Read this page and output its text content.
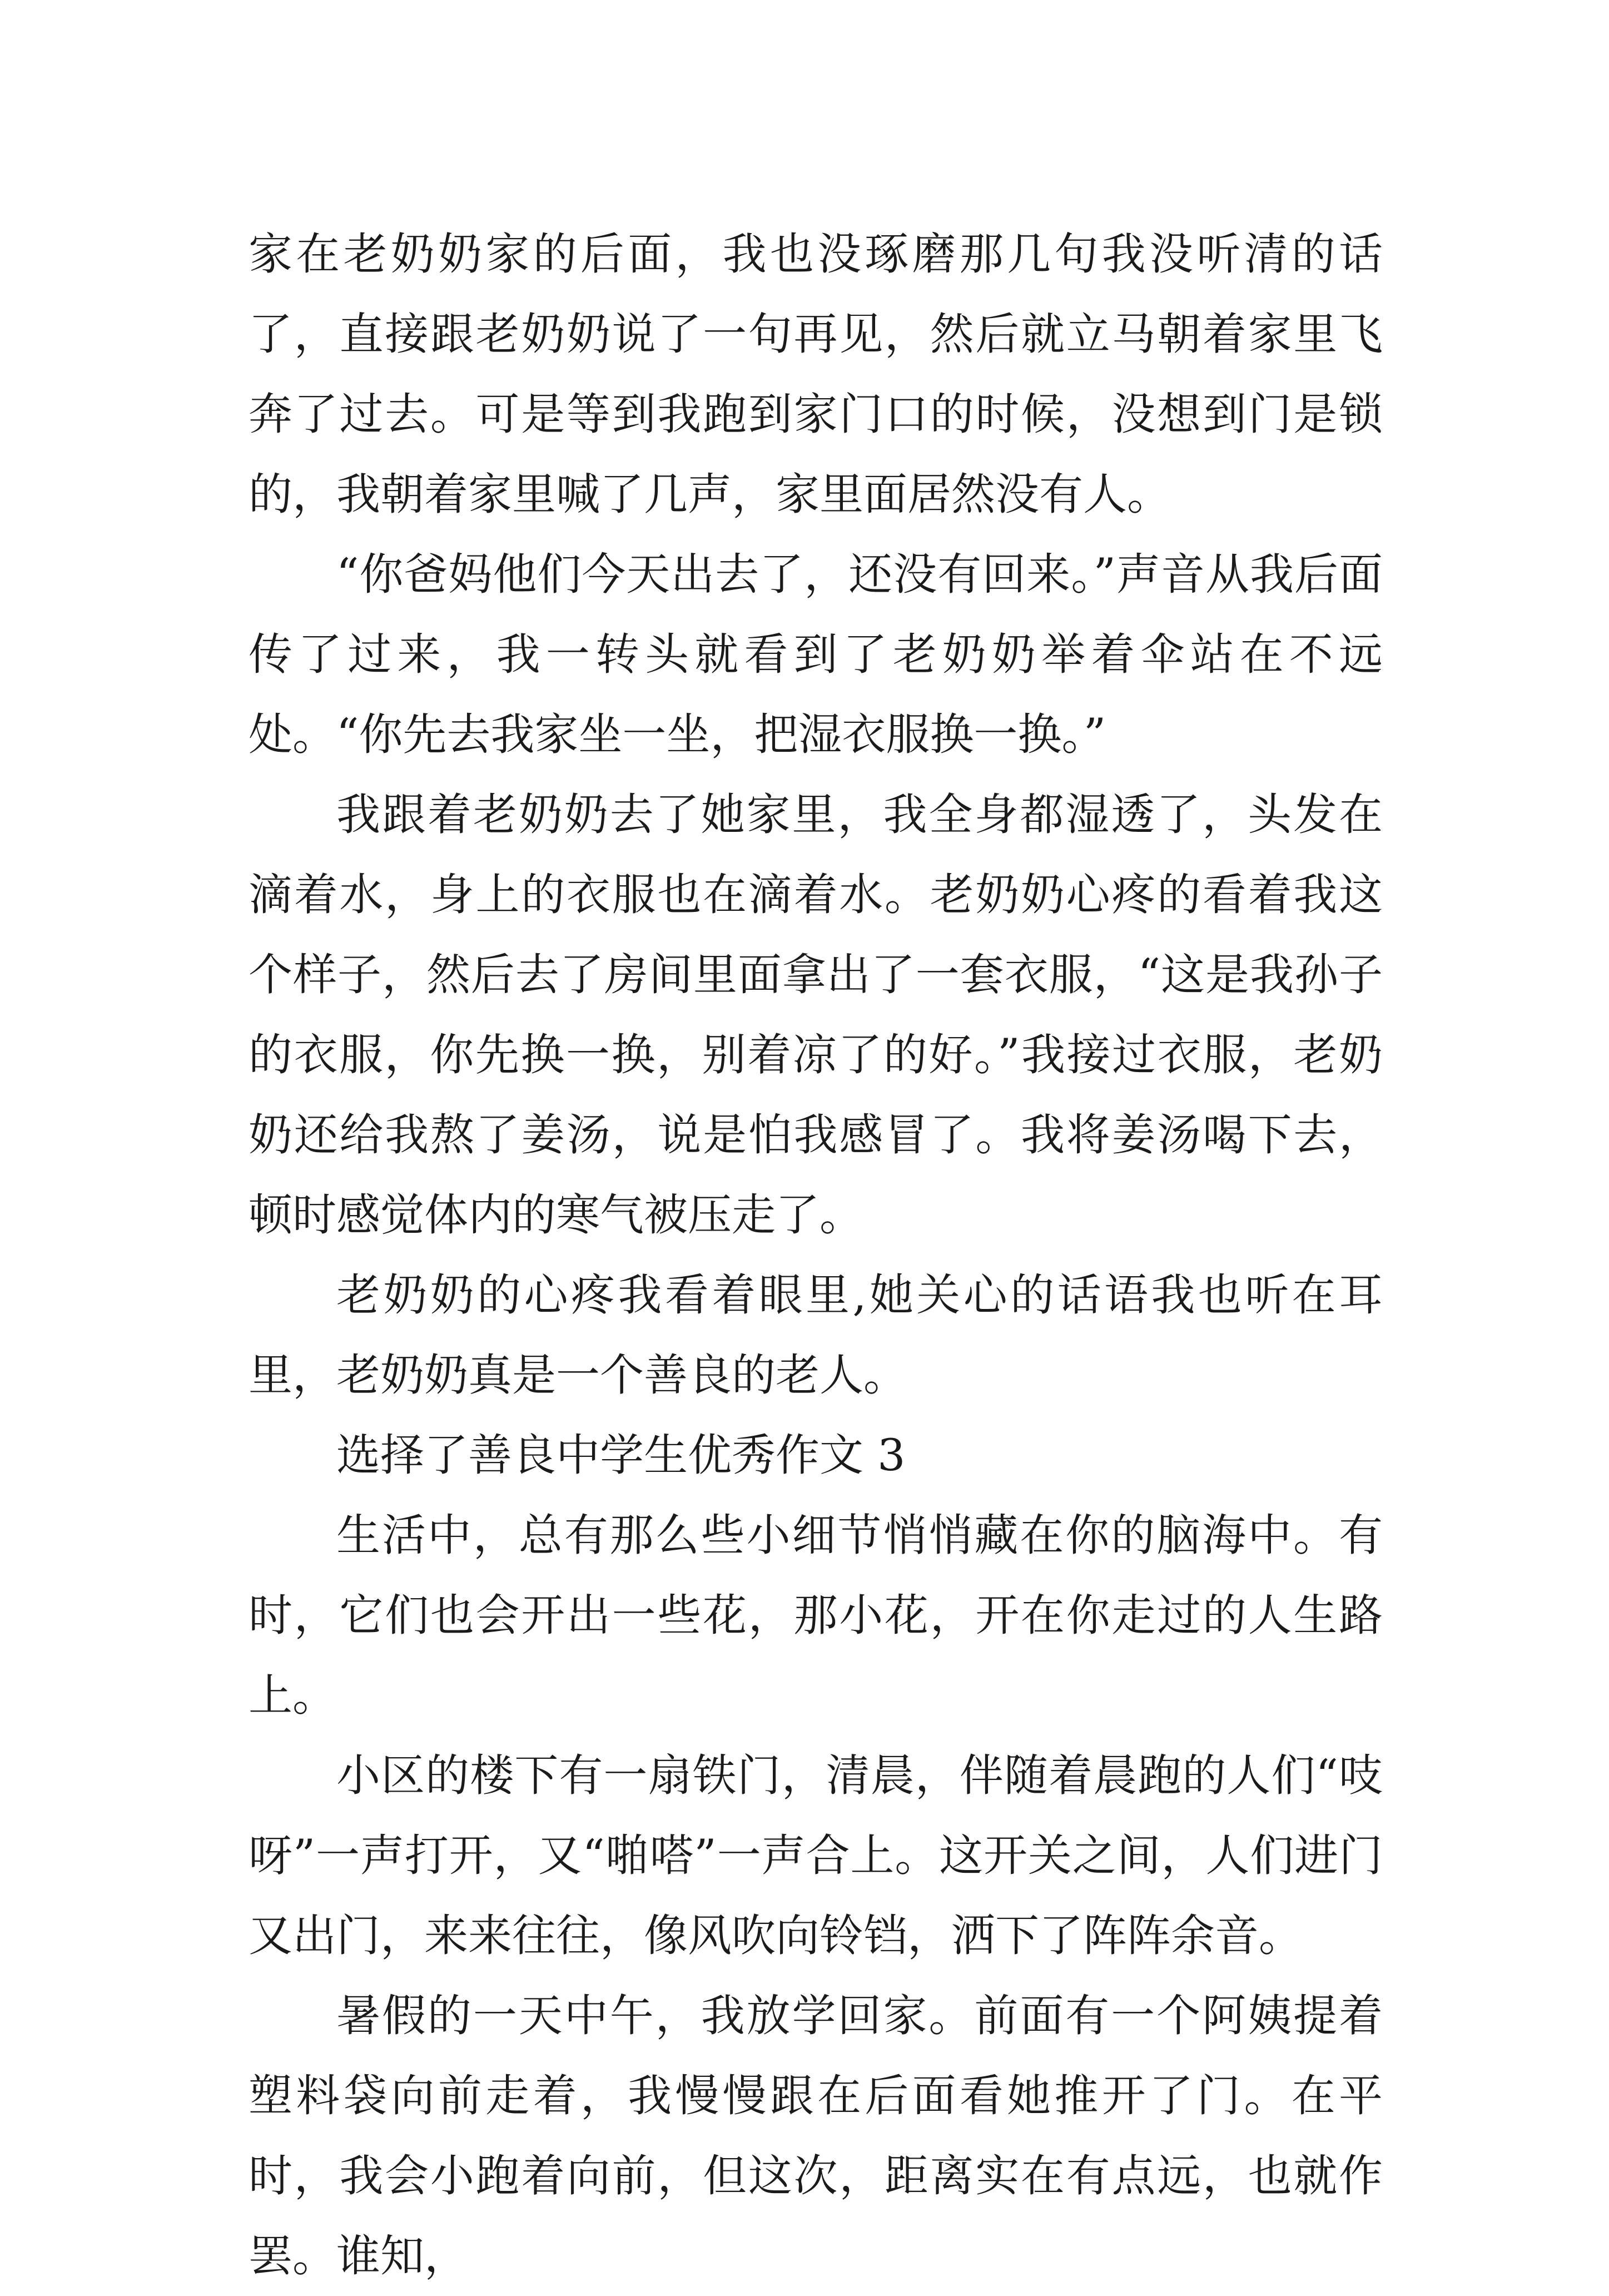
家在老奶奶家的后面，我也没琢磨那几句我没听清的话了，直接跟老奶奶说了一句再见，然后就立马朝着家里飞奔了过去。可是等到我跑到家门口的时候，没想到门是锁的，我朝着家里喊了几声，家里面居然没有人。

“你爸妈他们今天出去了，还没有回来。”声音从我后面传了过来，我一转头就看到了老奶奶举着伞站在不远处。“你先去我家坐一坐，把湿衣服换一换。”

我跟着老奶奶去了她家里，我全身都湿透了，头发在滴着水，身上的衣服也在滴着水。老奶奶心疼的看着我这个样子，然后去了房间里面拿出了一套衣服，“这是我孙子的衣服，你先换一换，别着凉了的好。”我接过衣服，老奶奶还给我熬了姜汤，说是怕我感冒了。我将姜汤喝下去，顿时感觉体内的寒气被压走了。

老奶奶的心疼我看着眼里,她关心的话语我也听在耳里，老奶奶真是一个善良的老人。

选择了善良中学生优秀作文 3

生活中，总有那么些小细节悄悄藏在你的脑海中。有时，它们也会开出一些花，那小花，开在你走过的人生路上。

小区的楼下有一扇铁门，清晨，伴随着晨跑的人们“吱呀”一声打开，又“啪嗒”一声合上。这开关之间，人们进门又出门，来来往往，像风吹向铃铛，洒下了阵阵余音。

暑假的一天中午，我放学回家。前面有一个阿姨提着塑料袋向前走着，我慢慢跟在后面看她推开了门。在平时，我会小跑着向前，但这次，距离实在有点远，也就作罢。谁知，
